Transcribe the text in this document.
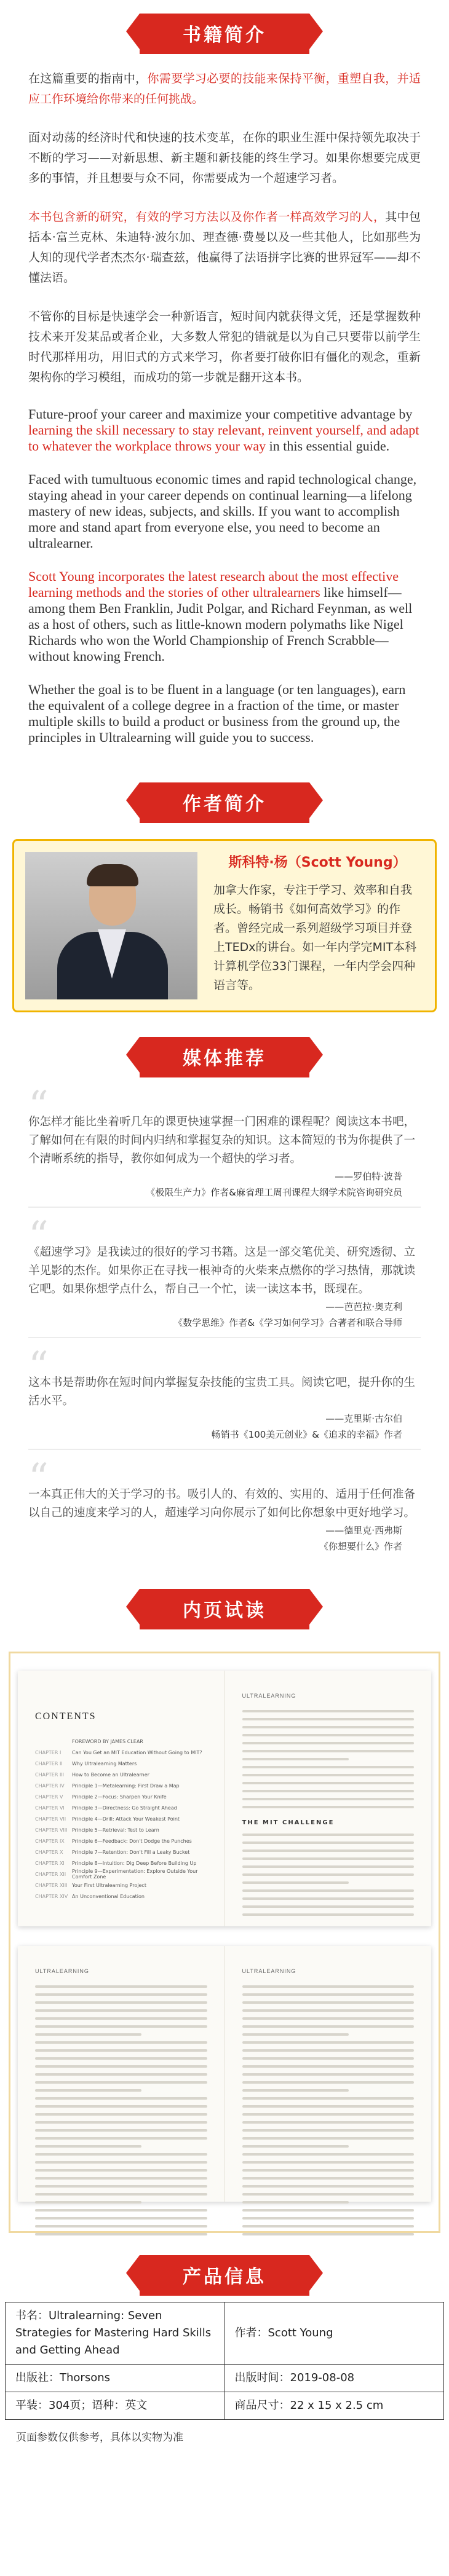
书籍简介

在这篇重要的指南中，你需要学习必要的技能来保持平衡，重塑自我，并适应工作环境给你带来的任何挑战。

面对动荡的经济时代和快速的技术变革，在你的职业生涯中保持领先取决于不断的学习——对新思想、新主题和新技能的终生学习。如果你想要完成更多的事情，并且想要与众不同，你需要成为一个超速学习者。

本书包含新的研究，有效的学习方法以及你作者一样高效学习的人，其中包括本·富兰克林、朱迪特·波尔加、理查德·费曼以及一些其他人，比如那些为人知的现代学者杰杰尔·瑞查兹，他赢得了法语拼字比赛的世界冠军——却不懂法语。

不管你的目标是快速学会一种新语言，短时间内就获得文凭，还是掌握数种技术来开发某品或者企业，大多数人常犯的错就是以为自己只要带以前学生时代那样用功，用旧式的方式来学习，你者要打破你旧有僵化的观念，重新架构你的学习模组，而成功的第一步就是翻开这本书。

Future-proof your career and maximize your competitive advantage by learning the skill necessary to stay relevant, reinvent yourself, and adapt to whatever the workplace throws your way in this essential guide.

Faced with tumultuous economic times and rapid technological change, staying ahead in your career depends on continual learning—a lifelong mastery of new ideas, subjects, and skills. If you want to accomplish more and stand apart from everyone else, you need to become an ultralearner.

Scott Young incorporates the latest research about the most effective learning methods and the stories of other ultralearners like himself—among them Ben Franklin, Judit Polgar, and Richard Feynman, as well as a host of others, such as little-known modern polymaths like Nigel Richards who won the World Championship of French Scrabble—without knowing French.

Whether the goal is to be fluent in a language (or ten languages), earn the equivalent of a college degree in a fraction of the time, or master multiple skills to build a product or business from the ground up, the principles in Ultralearning will guide you to success.

作者简介
斯科特·杨（Scott Young）
加拿大作家，专注于学习、效率和自我成长。畅销书《如何高效学习》的作者。曾经完成一系列超级学习项目并登上TEDx的讲台。如一年内学完MIT本科计算机学位33门课程，一年内学会四种语言等。
媒体推荐
“
你怎样才能比坐着听几年的课更快速掌握一门困难的课程呢？阅读这本书吧，了解如何在有限的时间内归纳和掌握复杂的知识。这本简短的书为你提供了一个清晰系统的指导，教你如何成为一个超快的学习者。
——罗伯特·波普
《极限生产力》作者&麻省理工周刊课程大纲学术院咨询研究员
“
《超速学习》是我读过的很好的学习书籍。这是一部交笔优美、研究透彻、立羊见影的杰作。如果你正在寻找一根神奇的火柴来点燃你的学习热情，那就读它吧。如果你想学点什么，帮自己一个忙，读一读这本书，既现在。
——芭芭拉·奥克利
《数学思维》作者&《学习如何学习》合著者和联合导师
“
这本书是帮助你在短时间内掌握复杂技能的宝贵工具。阅读它吧，提升你的生活水平。
——克里斯·古尔伯
畅销书《100美元创业》&《追求的幸福》作者
“
一本真正伟大的关于学习的书。吸引人的、有效的、实用的、适用于任何准备以自己的速度来学习的人，超速学习向你展示了如何比你想象中更好地学习。
——德里克·西弗斯
《你想要什么》作者
内页试读
CONTENTS
FOREWORD BY JAMES CLEAR
CHAPTER I	Can You Get an MIT Education Without Going to MIT?
CHAPTER II	Why Ultralearning Matters
CHAPTER III	How to Become an Ultralearner
CHAPTER IV	Principle 1—Metalearning: First Draw a Map
CHAPTER V	Principle 2—Focus: Sharpen Your Knife
CHAPTER VI	Principle 3—Directness: Go Straight Ahead
CHAPTER VII	Principle 4—Drill: Attack Your Weakest Point
CHAPTER VIII Principle 5—Retrieval: Test to Learn
CHAPTER IX	Principle 6—Feedback: Don't Dodge the Punches
CHAPTER X	Principle 7—Retention: Don't Fill a Leaky Bucket
CHAPTER XI	Principle 8—Intuition: Dig Deep Before Building Up
CHAPTER XII	Principle 9—Experimentation: Explore Outside Your Comfort Zone
CHAPTER XIII Your First Ultralearning Project
CHAPTER XIV An Unconventional Education
ULTRALEARNING
THE MIT CHALLENGE
ULTRALEARNING	ULTRALEARNING
产品信息
书名：Ultralearning: Seven Strategies for Mastering Hard Skills and Getting Ahead	作者：Scott Young
出版社：Thorsons	出版时间：2019-08-08
平装：304页；语种：英文	商品尺寸：22 x 15 x 2.5 cm
页面参数仅供参考，具体以实物为准
